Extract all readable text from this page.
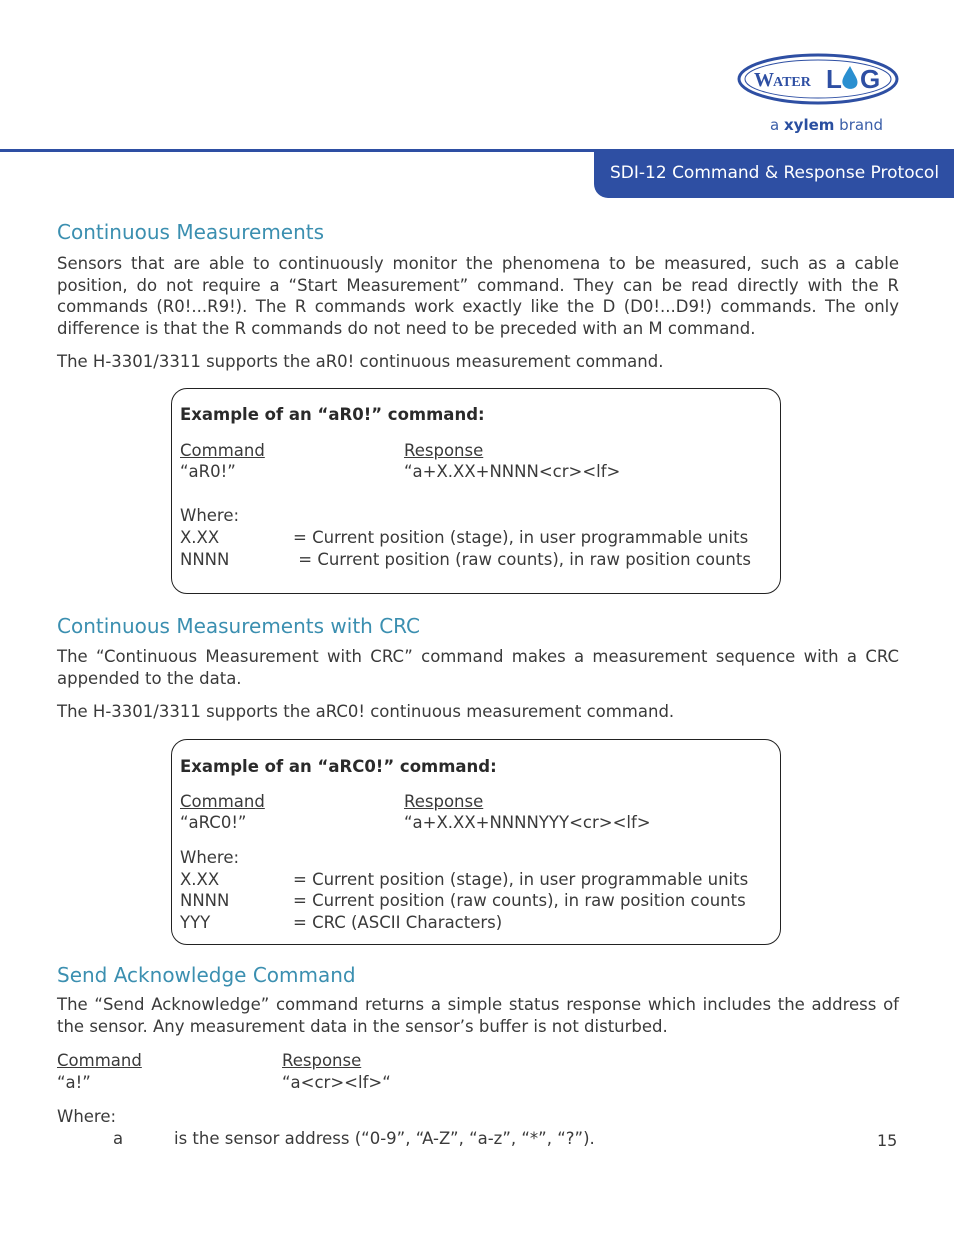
W ATER L G
a xylem brand
SDI-12 Command & Response Protocol
Continuous Measurements

Sensors that are able to continuously monitor the phenomena to be measured, such as a cable position, do not require a “Start Measurement” command. They can be read directly with the R commands (R0!...R9!). The R commands work exactly like the D (D0!...D9!) commands. The only difference is that the R commands do not need to be preceded with an M command.

The H-3301/3311 supports the aR0! continuous measurement command.

Example of an “aR0!” command:

Command	Response

“aR0!”	“a+X.XX+NNNN<cr><lf>

Where:

X.XX	= Current position (stage), in user programmable units

NNNN	= Current position (raw counts), in raw position counts

Continuous Measurements with CRC

The “Continuous Measurement with CRC” command makes a measurement sequence with a CRC appended to the data.

The H-3301/3311 supports the aRC0! continuous measurement command.

Example of an “aRC0!” command:

Command	Response

“aRC0!”	“a+X.XX+NNNNYYY<cr><lf>

Where:

X.XX	= Current position (stage), in user programmable units

NNNN	= Current position (raw counts), in raw position counts

YYY	= CRC (ASCII Characters)

Send Acknowledge Command

The “Send Acknowledge” command returns a simple status response which includes the address of the sensor. Any measurement data in the sensor’s buffer is not disturbed.

Command	Response

“a!”	“a<cr><lf>“

Where:

a	is the sensor address (“0-9”, “A-Z”, “a-z”, “*”, “?”).	15
